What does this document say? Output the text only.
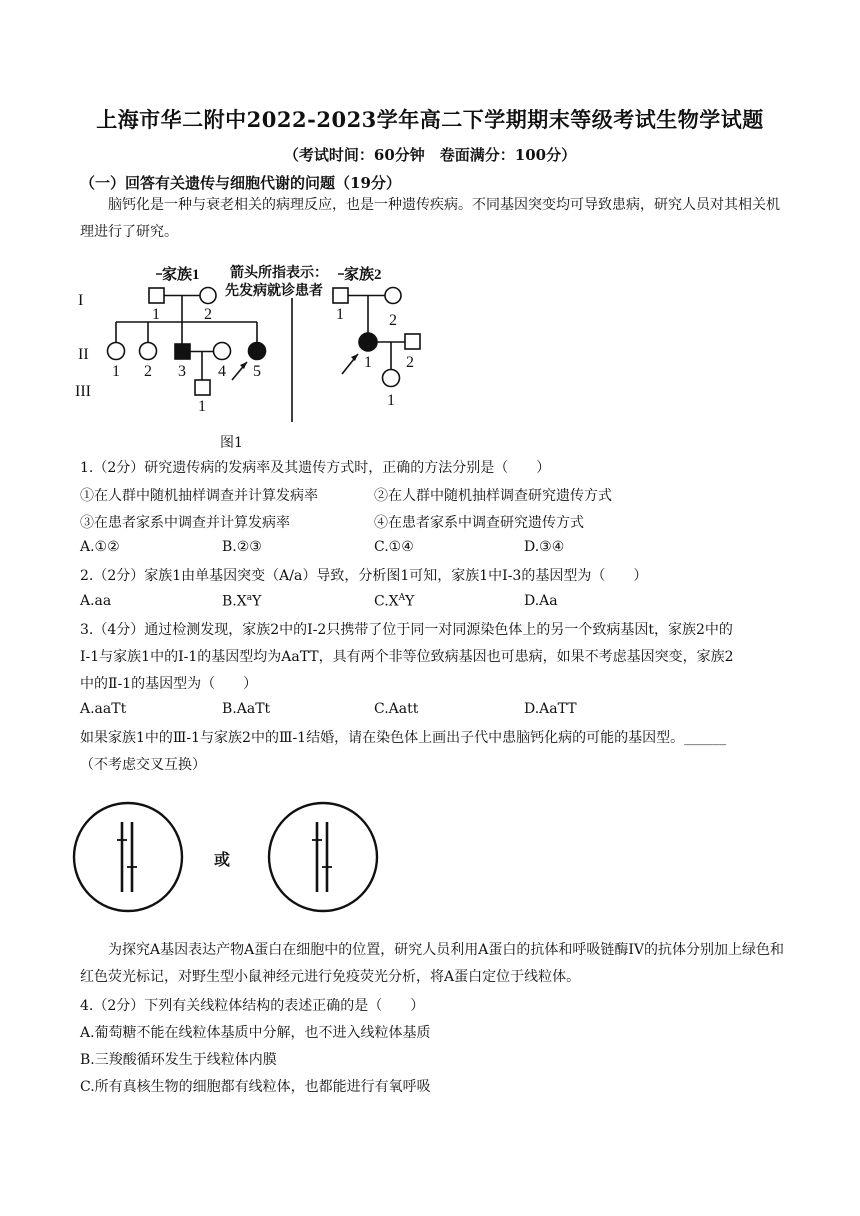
上海市华二附中2022-2023学年高二下学期期末等级考试生物学试题
（考试时间：60分钟　卷面满分：100分）
（一）回答有关遗传与细胞代谢的问题（19分）
脑钙化是一种与衰老相关的病理反应，也是一种遗传疾病。不同基因突变均可导致患病，研究人员对其相关机理进行了研究。
家族1	家族2
箭头所指表示：
先发病就诊患者
I
II
III
1	2
1 2 3 4 5
1
1	2
1 2
1
图1
1.（2分）研究遗传病的发病率及其遗传方式时，正确的方法分别是（　　）
①在人群中随机抽样调查并计算发病率	②在人群中随机抽样调查研究遗传方式
③在患者家系中调查并计算发病率	④在患者家系中调查研究遗传方式
A.①②	B.②③	C.①④	D.③④
2.（2分）家族1由单基因突变（A/a）导致，分析图1可知，家族1中I-3的基因型为（　　）
A.aa	$B.X^aY$	$C.X^AY$	D.Aa
3.（4分）通过检测发现，家族2中的I-2只携带了位于同一对同源染色体上的另一个致病基因t，家族2中的
I-1与家族1中的I-1的基因型均为AaTT，具有两个非等位致病基因也可患病，如果不考虑基因突变，家族2
中的Ⅱ-1的基因型为（　　）
A.aaTt	B.AaTt	C.Aatt	D.AaTT
如果家族1中的Ⅲ-1与家族2中的Ⅲ-1结婚，请在染色体上画出子代中患脑钙化病的可能的基因型。______
（不考虑交叉互换）
或
为探究A基因表达产物A蛋白在细胞中的位置，研究人员利用A蛋白的抗体和呼吸链酶IV的抗体分别加上绿色和红色荧光标记，对野生型小鼠神经元进行免疫荧光分析，将A蛋白定位于线粒体。
4.（2分）下列有关线粒体结构的表述正确的是（　　）
A.葡萄糖不能在线粒体基质中分解，也不进入线粒体基质
B.三羧酸循环发生于线粒体内膜
C.所有真核生物的细胞都有线粒体，也都能进行有氧呼吸
